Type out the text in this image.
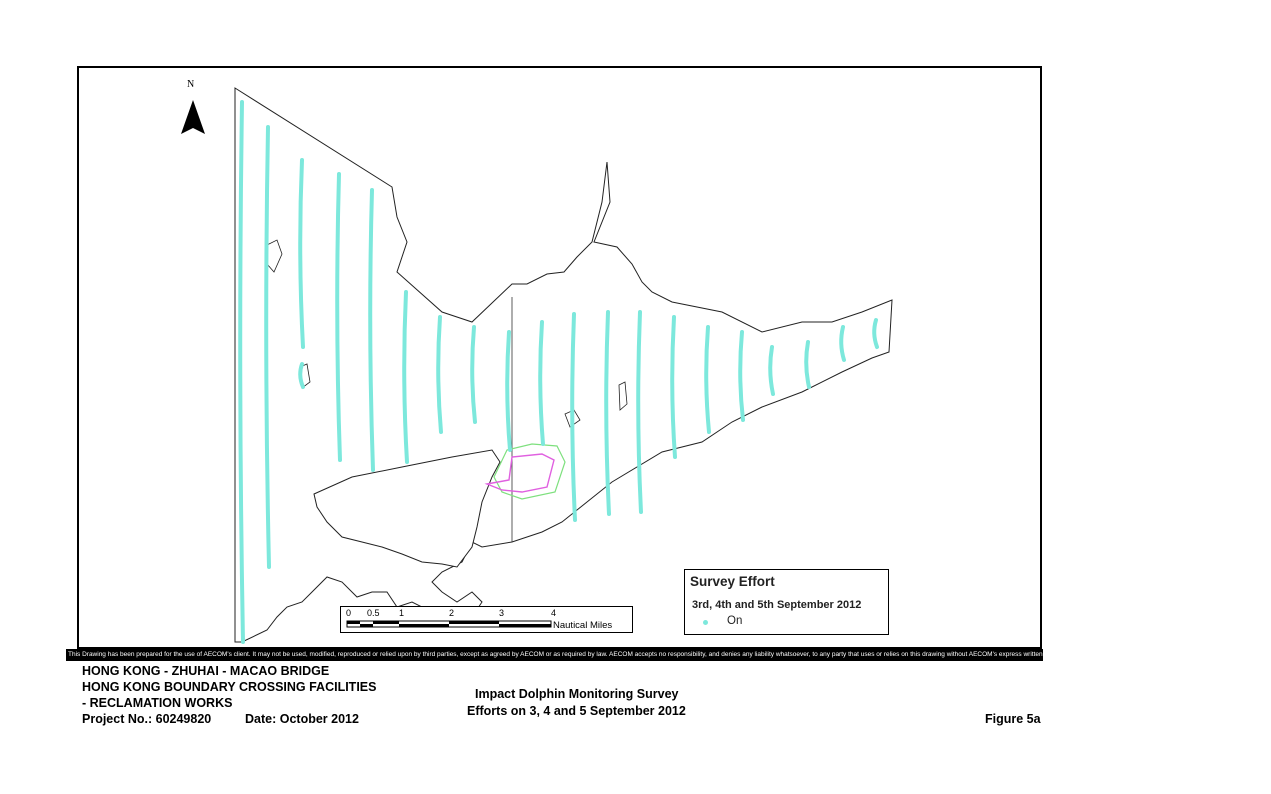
N
0 0.5 1	2	3	4
Nautical Miles
Survey Effort
3rd, 4th and 5th September 2012
On
This Drawing has been prepared for the use of AECOM's client. It may not be used, modified, reproduced or relied upon by third parties, except as agreed by AECOM or as required by law. AECOM accepts no responsibility, and denies any liability whatsoever, to any party that uses or relies on this drawing without AECOM's express written consent. Do not scale this document. All measurements must be obtained from
HONG KONG - ZHUHAI - MACAO BRIDGE
HONG KONG BOUNDARY CROSSING FACILITIES
- RECLAMATION WORKS
Project No.: 60249820	Date: October 2012
Impact Dolphin Monitoring Survey
Efforts on 3, 4 and 5 September 2012
Figure 5a
